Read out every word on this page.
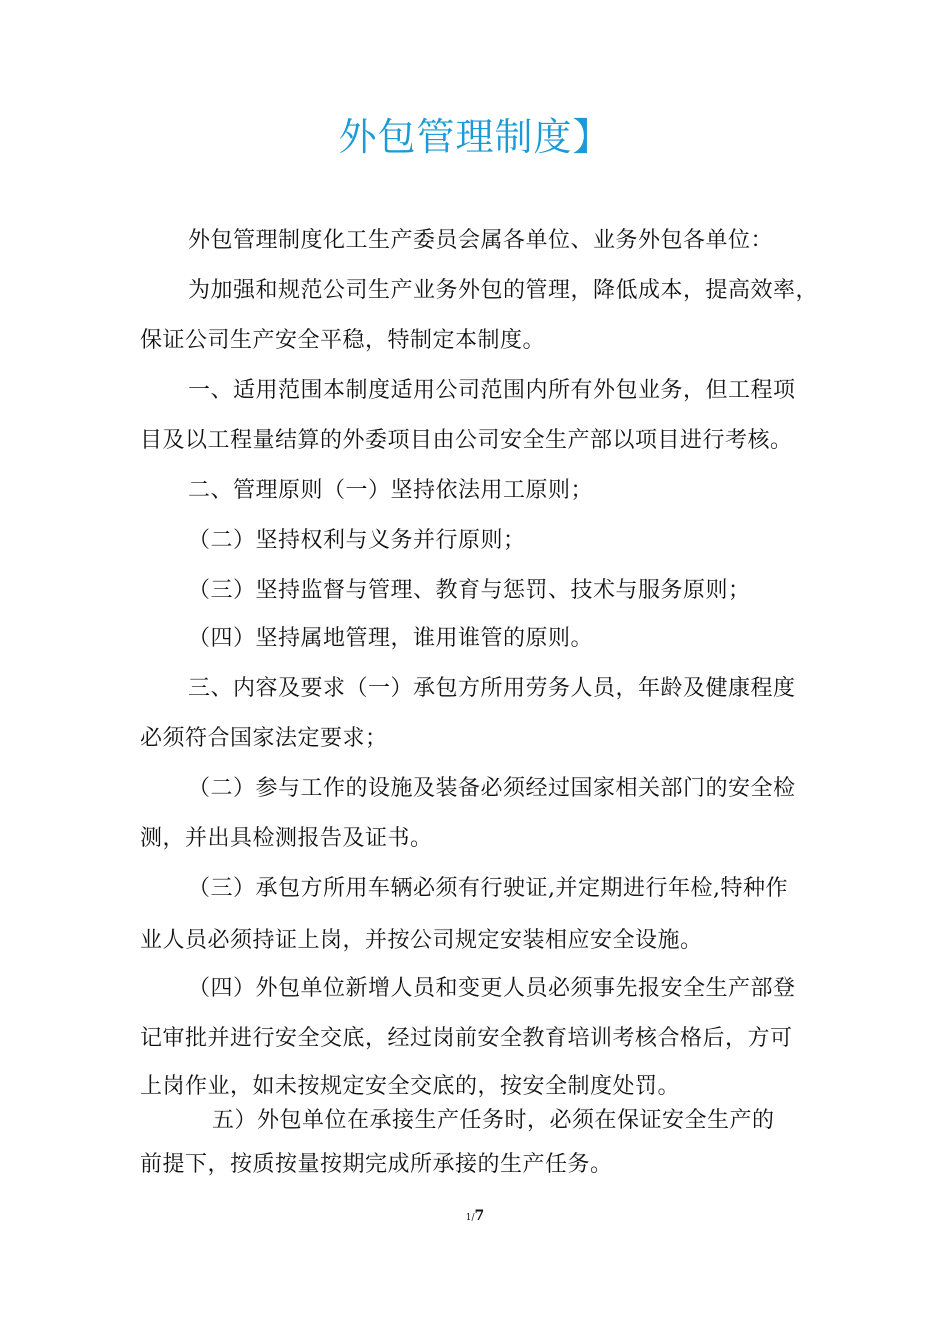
外包管理制度】

外包管理制度化工生产委员会属各单位、业务外包各单位：

为加强和规范公司生产业务外包的管理，降低成本，提高效率，

保证公司生产安全平稳，特制定本制度。

一、适用范围本制度适用公司范围内所有外包业务，但工程项

目及以工程量结算的外委项目由公司安全生产部以项目进行考核。

二、管理原则（一）坚持依法用工原则；

（二）坚持权利与义务并行原则；

（三）坚持监督与管理、教育与惩罚、技术与服务原则；

（四）坚持属地管理，谁用谁管的原则。

三、内容及要求（一）承包方所用劳务人员，年龄及健康程度

必须符合国家法定要求；

（二）参与工作的设施及装备必须经过国家相关部门的安全检

测，并出具检测报告及证书。

（三）承包方所用车辆必须有行驶证,并定期进行年检,特种作

业人员必须持证上岗，并按公司规定安装相应安全设施。

（四）外包单位新增人员和变更人员必须事先报安全生产部登

记审批并进行安全交底，经过岗前安全教育培训考核合格后，方可

上岗作业，如未按规定安全交底的，按安全制度处罚。

五）外包单位在承接生产任务时，必须在保证安全生产的

前提下，按质按量按期完成所承接的生产任务。

1/7
